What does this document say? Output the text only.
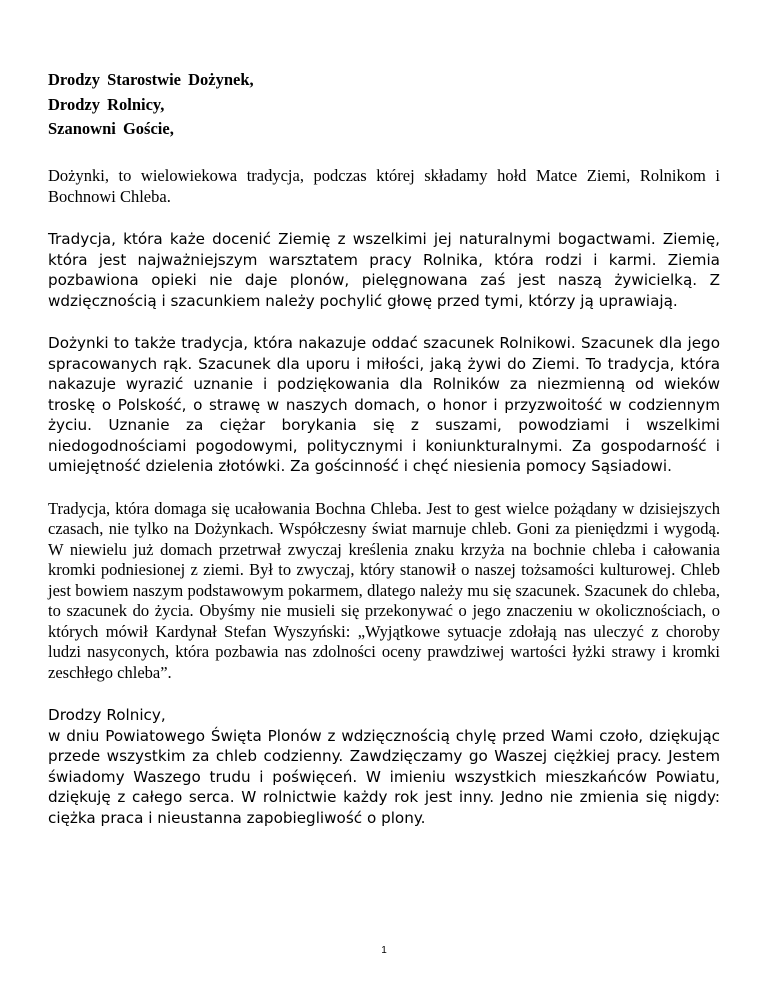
Drodzy Starostwie Dożynek,
Drodzy Rolnicy,
Szanowni Goście,

Dożynki, to wielowiekowa tradycja, podczas której składamy hołd Matce Ziemi, Rolnikom i Bochnowi Chleba.

Tradycja, która każe docenić Ziemię z wszelkimi jej naturalnymi bogactwami. Ziemię, która jest najważniejszym warsztatem pracy Rolnika, która rodzi i karmi. Ziemia pozbawiona opieki nie daje plonów, pielęgnowana zaś jest naszą żywicielką. Z wdzięcznością i szacunkiem należy pochylić głowę przed tymi, którzy ją uprawiają.

Dożynki to także tradycja, która nakazuje oddać szacunek Rolnikowi. Szacunek dla jego spracowanych rąk. Szacunek dla uporu i miłości, jaką żywi do Ziemi. To tradycja, która nakazuje wyrazić uznanie i podziękowania dla Rolników za niezmienną od wieków troskę o Polskość, o strawę w naszych domach, o honor i przyzwoitość w codziennym życiu. Uznanie za ciężar borykania się z suszami, powodziami i wszelkimi niedogodnościami pogodowymi, politycznymi i koniunkturalnymi. Za gospodarność i umiejętność dzielenia złotówki. Za gościnność i chęć niesienia pomocy Sąsiadowi.

Tradycja, która domaga się ucałowania Bochna Chleba. Jest to gest wielce pożądany w dzisiejszych czasach, nie tylko na Dożynkach. Współczesny świat marnuje chleb. Goni za pieniędzmi i wygodą. W niewielu już domach przetrwał zwyczaj kreślenia znaku krzyża na bochnie chleba i całowania kromki podniesionej z ziemi. Był to zwyczaj, który stanowił o naszej tożsamości kulturowej. Chleb jest bowiem naszym podstawowym pokarmem, dlatego należy mu się szacunek. Szacunek do chleba, to szacunek do życia. Obyśmy nie musieli się przekonywać o jego znaczeniu w okolicznościach, o których mówił Kardynał Stefan Wyszyński: „Wyjątkowe sytuacje zdołają nas uleczyć z choroby ludzi nasyconych, która pozbawia nas zdolności oceny prawdziwej wartości łyżki strawy i kromki zeschłego chleba”.

Drodzy Rolnicy,
w dniu Powiatowego Święta Plonów z wdzięcznością chylę przed Wami czoło, dziękując przede wszystkim za chleb codzienny. Zawdzięczamy go Waszej ciężkiej pracy. Jestem świadomy Waszego trudu i poświęceń. W imieniu wszystkich mieszkańców Powiatu, dziękuję z całego serca. W rolnictwie każdy rok jest inny. Jedno nie zmienia się nigdy: ciężka praca i nieustanna zapobiegliwość o plony.

1
